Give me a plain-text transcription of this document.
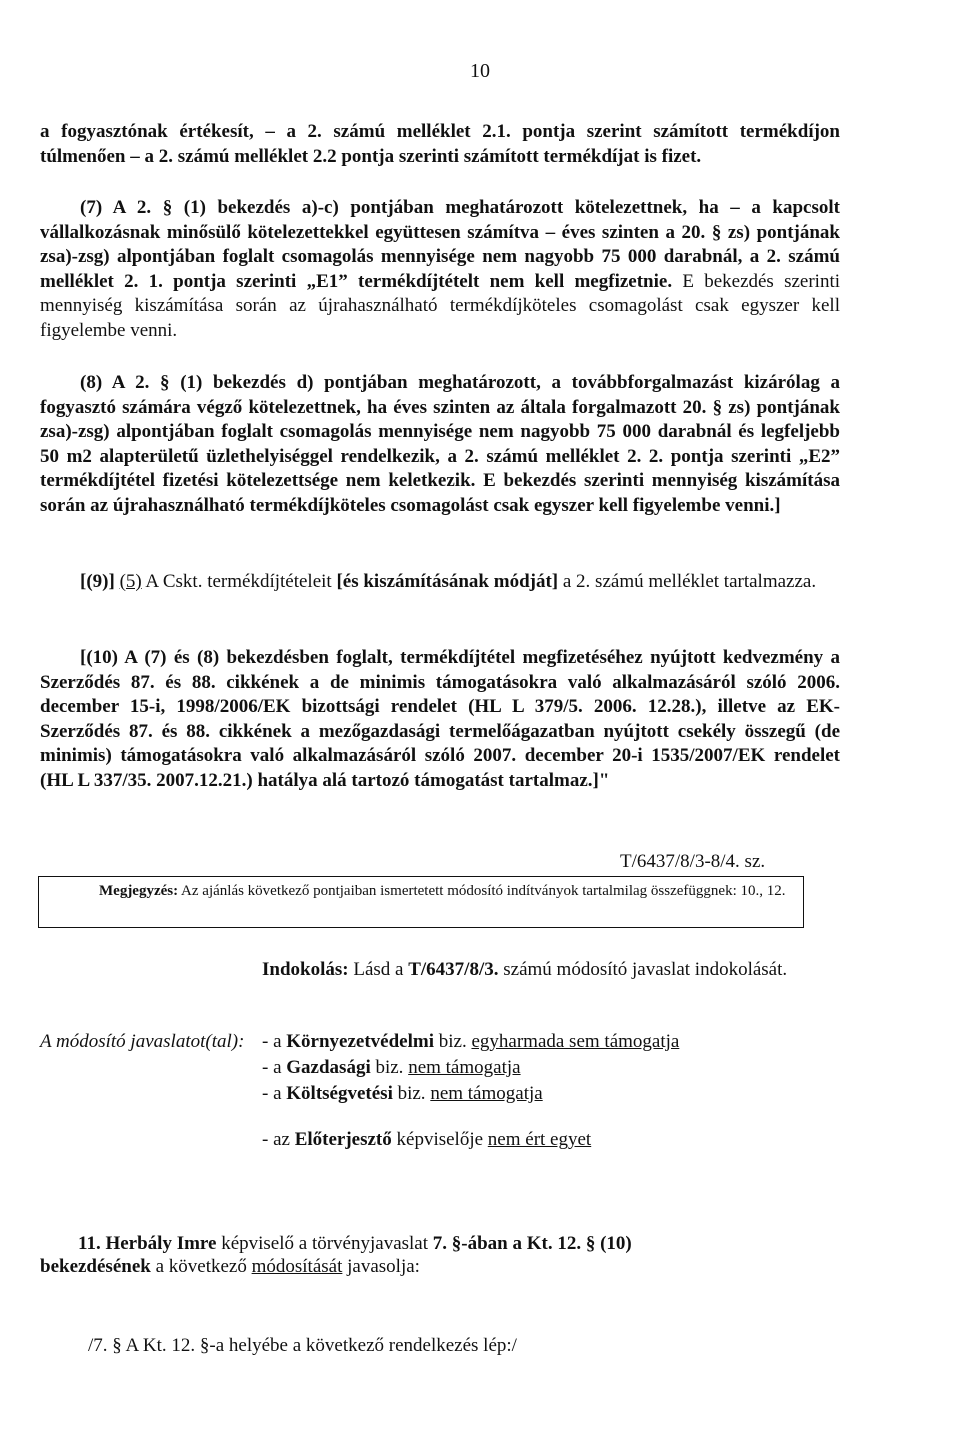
10
a fogyasztónak értékesít, – a 2. számú melléklet 2.1. pontja szerint számított termékdíjon túlmenően – a 2. számú melléklet 2.2 pontja szerinti számított termékdíjat is fizet.
(7) A 2. § (1) bekezdés a)-c) pontjában meghatározott kötelezettnek, ha – a kapcsolt vállalkozásnak minősülő kötelezettekkel együttesen számítva – éves szinten a 20. § zs) pontjának zsa)-zsg) alpontjában foglalt csomagolás mennyisége nem nagyobb 75 000 darabnál, a 2. számú melléklet 2. 1. pontja szerinti „E1” termékdíjtételt nem kell megfizetnie. E bekezdés szerinti mennyiség kiszámítása során az újrahasználható termékdíjköteles csomagolást csak egyszer kell figyelembe venni.
(8) A 2. § (1) bekezdés d) pontjában meghatározott, a továbbforgalmazást kizárólag a fogyasztó számára végző kötelezettnek, ha éves szinten az általa forgalmazott 20. § zs) pontjának zsa)-zsg) alpontjában foglalt csomagolás mennyisége nem nagyobb 75 000 darabnál és legfeljebb 50 m2 alapterületű üzlethelyiséggel rendelkezik, a 2. számú melléklet 2. 2. pontja szerinti „E2” termékdíjtétel fizetési kötelezettsége nem keletkezik. E bekezdés szerinti mennyiség kiszámítása során az újrahasználható termékdíjköteles csomagolást csak egyszer kell figyelembe venni.]
[(9)] (5) A Cskt. termékdíjtételeit [és kiszámításának módját] a 2. számú melléklet tartalmazza.
[(10) A (7) és (8) bekezdésben foglalt, termékdíjtétel megfizetéséhez nyújtott kedvezmény a Szerződés 87. és 88. cikkének a de minimis támogatásokra való alkalmazásáról szóló 2006. december 15-i, 1998/2006/EK bizottsági rendelet (HL L 379/5. 2006. 12.28.), illetve az EK-Szerződés 87. és 88. cikkének a mezőgazdasági termelőágazatban nyújtott csekély összegű (de minimis) támogatásokra való alkalmazásáról szóló 2007. december 20-i 1535/2007/EK rendelet (HL L 337/35. 2007.12.21.) hatálya alá tartozó támogatást tartalmaz.]"
T/6437/8/3-8/4. sz.
Megjegyzés: Az ajánlás következő pontjaiban ismertetett módosító indítványok tartalmilag összefüggnek: 10., 12.
Indokolás: Lásd a T/6437/8/3. számú módosító javaslat indokolását.
A módosító javaslatot(tal): - a Környezetvédelmi biz. egyharmada sem támogatja
- a Gazdasági biz. nem támogatja
- a Költségvetési biz. nem támogatja
- az Előterjesztő képviselője nem ért egyet
11. Herbály Imre képviselő a törvényjavaslat 7. §-ában a Kt. 12. § (10)
bekezdésének a következő módosítását javasolja:
/7. § A Kt. 12. §-a helyébe a következő rendelkezés lép:/
